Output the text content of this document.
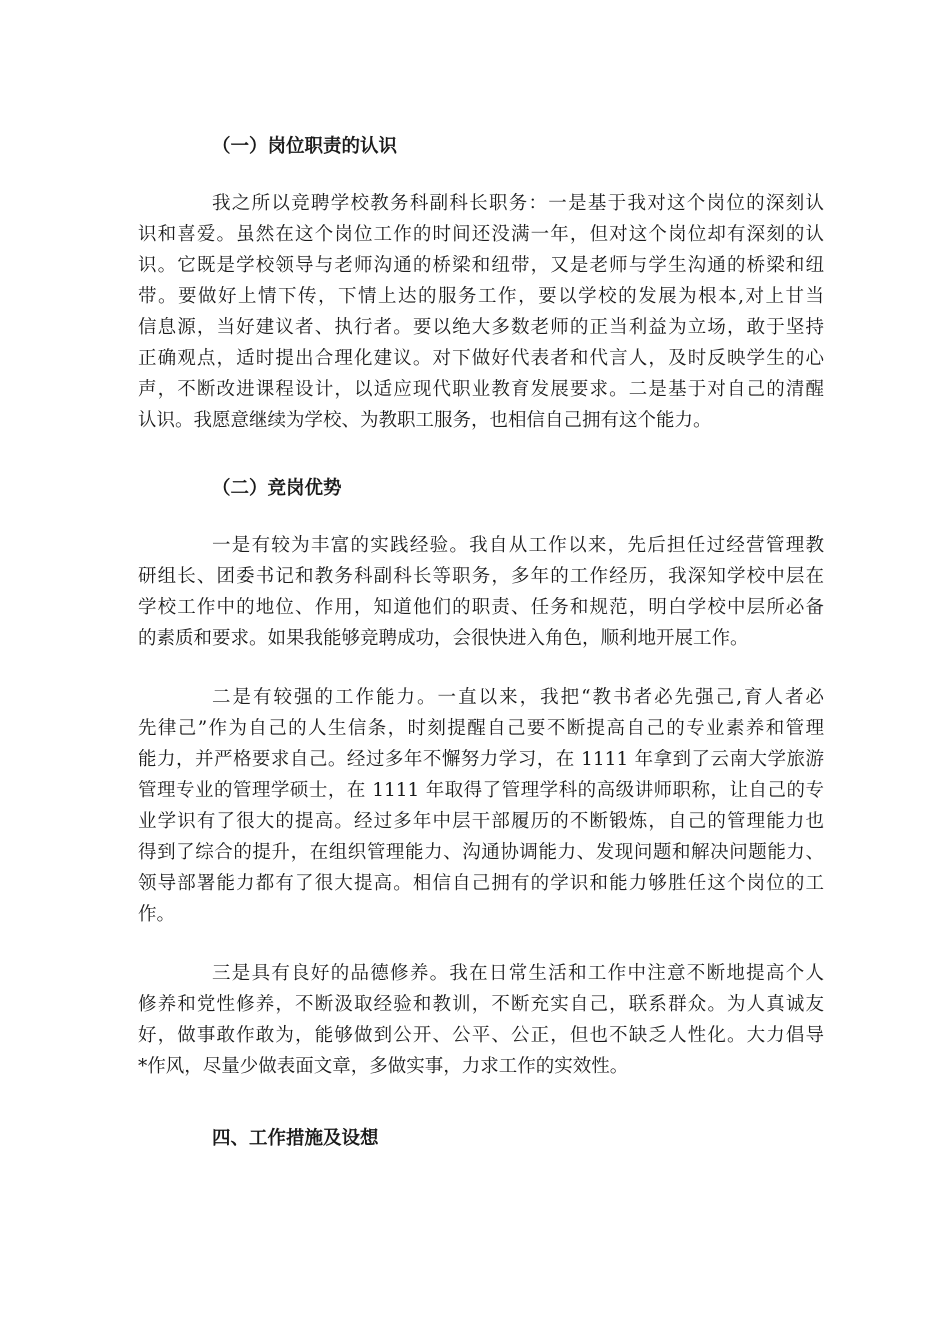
（一）岗位职责的认识
我之所以竞聘学校教务科副科长职务：一是基于我对这个岗位的深刻认
识和喜爱。虽然在这个岗位工作的时间还没满一年，但对这个岗位却有深刻的认
识。它既是学校领导与老师沟通的桥梁和纽带，又是老师与学生沟通的桥梁和纽
带。要做好上情下传，下情上达的服务工作，要以学校的发展为根本,对上甘当
信息源，当好建议者、执行者。要以绝大多数老师的正当利益为立场，敢于坚持
正确观点，适时提出合理化建议。对下做好代表者和代言人，及时反映学生的心
声，不断改进课程设计，以适应现代职业教育发展要求。二是基于对自己的清醒
认识。我愿意继续为学校、为教职工服务，也相信自己拥有这个能力。
（二）竞岗优势
一是有较为丰富的实践经验。我自从工作以来，先后担任过经营管理教
研组长、团委书记和教务科副科长等职务，多年的工作经历，我深知学校中层在
学校工作中的地位、作用，知道他们的职责、任务和规范，明白学校中层所必备
的素质和要求。如果我能够竞聘成功，会很快进入角色，顺利地开展工作。
二是有较强的工作能力。一直以来，我把“教书者必先强己,育人者必
先律己”作为自己的人生信条，时刻提醒自己要不断提高自己的专业素养和管理
能力，并严格要求自己。经过多年不懈努力学习，在 1111 年拿到了云南大学旅游
管理专业的管理学硕士，在 1111 年取得了管理学科的高级讲师职称，让自己的专
业学识有了很大的提高。经过多年中层干部履历的不断锻炼，自己的管理能力也
得到了综合的提升，在组织管理能力、沟通协调能力、发现问题和解决问题能力、
领导部署能力都有了很大提高。相信自己拥有的学识和能力够胜任这个岗位的工
作。
三是具有良好的品德修养。我在日常生活和工作中注意不断地提高个人
修养和党性修养，不断汲取经验和教训，不断充实自己，联系群众。为人真诚友
好，做事敢作敢为，能够做到公开、公平、公正，但也不缺乏人性化。大力倡导
*作风，尽量少做表面文章，多做实事，力求工作的实效性。
四、工作措施及设想
